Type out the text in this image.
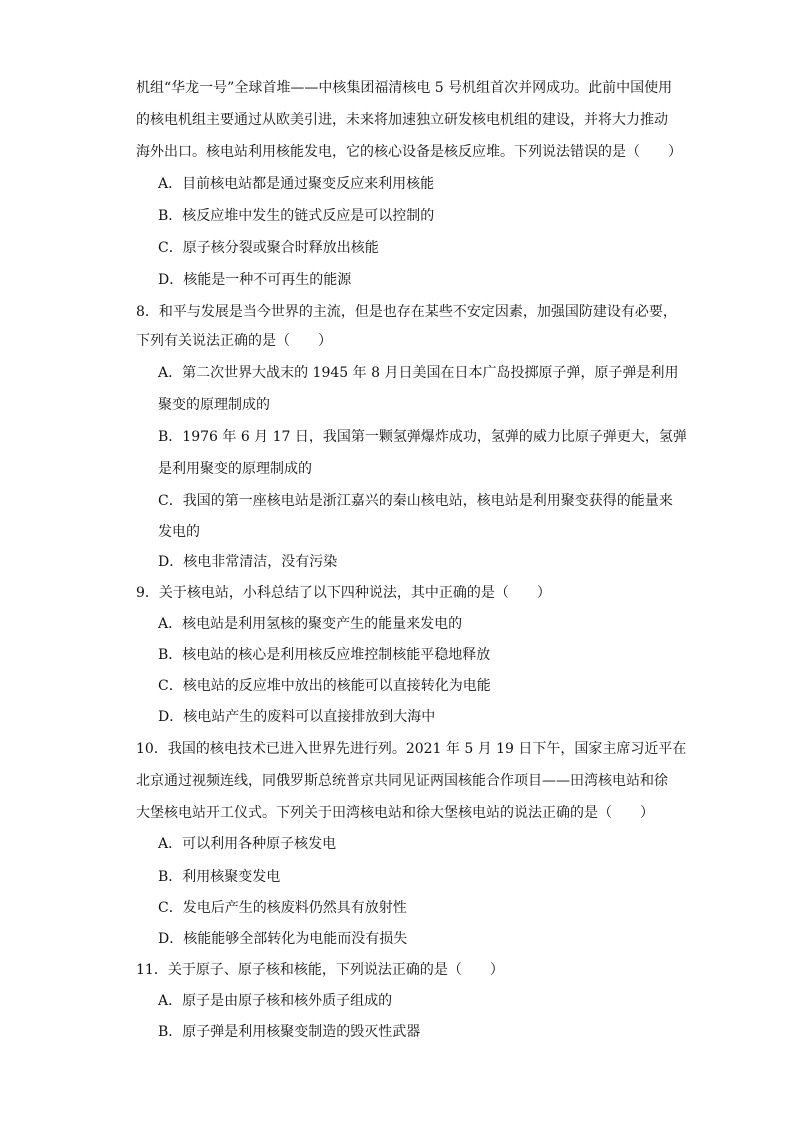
机组“华龙一号”全球首堆——中核集团福清核电 5 号机组首次并网成功。此前中国使用
的核电机组主要通过从欧美引进，未来将加速独立研发核电机组的建设，并将大力推动
海外出口。核电站利用核能发电，它的核心设备是核反应堆。下列说法错误的是（　　）
A．目前核电站都是通过聚变反应来利用核能
B．核反应堆中发生的链式反应是可以控制的
C．原子核分裂或聚合时释放出核能
D．核能是一种不可再生的能源
8．和平与发展是当今世界的主流，但是也存在某些不安定因素，加强国防建设有必要，
下列有关说法正确的是（　　）
A．第二次世界大战末的 1945 年 8 月日美国在日本广岛投掷原子弹，原子弹是利用
聚变的原理制成的
B．1976 年 6 月 17 日，我国第一颗氢弹爆炸成功，氢弹的威力比原子弹更大，氢弹
是利用聚变的原理制成的
C．我国的第一座核电站是浙江嘉兴的秦山核电站，核电站是利用聚变获得的能量来
发电的
D．核电非常清洁，没有污染
9．关于核电站，小科总结了以下四种说法，其中正确的是（　　）
A．核电站是利用氢核的聚变产生的能量来发电的
B．核电站的核心是利用核反应堆控制核能平稳地释放
C．核电站的反应堆中放出的核能可以直接转化为电能
D．核电站产生的废料可以直接排放到大海中
10．我国的核电技术已进入世界先进行列。2021 年 5 月 19 日下午，国家主席习近平在
北京通过视频连线，同俄罗斯总统普京共同见证两国核能合作项目——田湾核电站和徐
大堡核电站开工仪式。下列关于田湾核电站和徐大堡核电站的说法正确的是（　　）
A．可以利用各种原子核发电
B．利用核聚变发电
C．发电后产生的核废料仍然具有放射性
D．核能能够全部转化为电能而没有损失
11．关于原子、原子核和核能，下列说法正确的是（　　）
A．原子是由原子核和核外质子组成的
B．原子弹是利用核聚变制造的毁灭性武器
